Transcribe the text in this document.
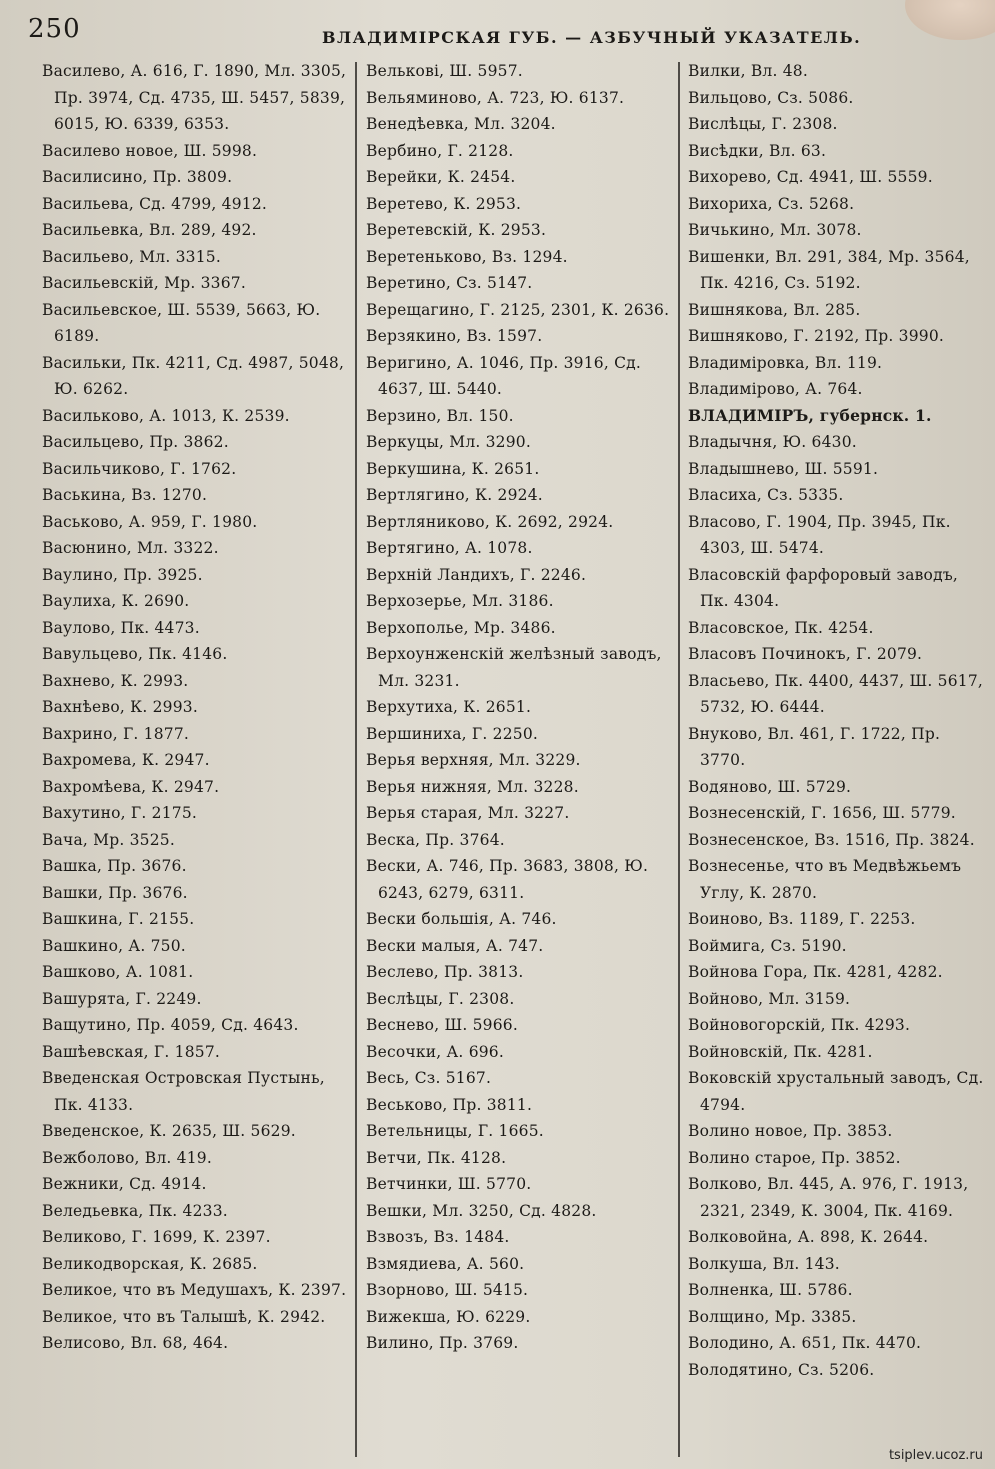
250	ВЛАДИМІРСКАЯ ГУБ. — АЗБУЧНЫЙ УКАЗАТЕЛЬ.
Василево, А. 616, Г. 1890, Мл. 3305, Пр. 3974, Сд. 4735, Ш. 5457, 5839, 6015, Ю. 6339, 6353.
Василево новое, Ш. 5998.
Василисино, Пр. 3809.
Васильева, Сд. 4799, 4912.
Васильевка, Вл. 289, 492.
Васильево, Мл. 3315.
Васильевскій, Мр. 3367.
Васильевское, Ш. 5539, 5663, Ю. 6189.
Васильки, Пк. 4211, Сд. 4987, 5048, Ю. 6262.
Васильково, А. 1013, К. 2539.
Васильцево, Пр. 3862.
Васильчиково, Г. 1762.
Васькина, Вз. 1270.
Васьково, А. 959, Г. 1980.
Васюнино, Мл. 3322.
Ваулино, Пр. 3925.
Ваулиха, К. 2690.
Ваулово, Пк. 4473.
Вавульцево, Пк. 4146.
Вахнево, К. 2993.
Вахнѣево, К. 2993.
Вахрино, Г. 1877.
Вахромева, К. 2947.
Вахромѣева, К. 2947.
Вахутино, Г. 2175.
Вача, Мр. 3525.
Вашка, Пр. 3676.
Вашки, Пр. 3676.
Вашкина, Г. 2155.
Вашкино, А. 750.
Вашково, А. 1081.
Вашурята, Г. 2249.
Ващутино, Пр. 4059, Сд. 4643.
Вашѣевская, Г. 1857.
Введенская Островская Пустынь, Пк. 4133.
Введенское, К. 2635, Ш. 5629.
Вежболово, Вл. 419.
Вежники, Сд. 4914.
Веледьевка, Пк. 4233.
Великово, Г. 1699, К. 2397.
Великодворская, К. 2685.
Великое, что въ Медушахъ, К. 2397.
Великое, что въ Талышѣ, К. 2942.
Велисово, Вл. 68, 464.
Велькові, Ш. 5957.
Вельяминово, А. 723, Ю. 6137.
Венедѣевка, Мл. 3204.
Вербино, Г. 2128.
Верейки, К. 2454.
Веретево, К. 2953.
Веретевскій, К. 2953.
Веретеньково, Вз. 1294.
Веретино, Сз. 5147.
Верещагино, Г. 2125, 2301, К. 2636.
Верзякино, Вз. 1597.
Веригино, А. 1046, Пр. 3916, Сд. 4637, Ш. 5440.
Верзино, Вл. 150.
Веркуцы, Мл. 3290.
Веркушина, К. 2651.
Вертлягино, К. 2924.
Вертляниково, К. 2692, 2924.
Вертягино, А. 1078.
Верхній Ландихъ, Г. 2246.
Верхозерье, Мл. 3186.
Верхополье, Мр. 3486.
Верхоунженскій желѣзный заводъ, Мл. 3231.
Верхутиха, К. 2651.
Вершиниха, Г. 2250.
Верья верхняя, Мл. 3229.
Верья нижняя, Мл. 3228.
Верья старая, Мл. 3227.
Веска, Пр. 3764.
Вески, А. 746, Пр. 3683, 3808, Ю. 6243, 6279, 6311.
Вески большія, А. 746.
Вески малыя, А. 747.
Веслево, Пр. 3813.
Веслѣцы, Г. 2308.
Веснево, Ш. 5966.
Весочки, А. 696.
Весь, Сз. 5167.
Веськово, Пр. 3811.
Ветельницы, Г. 1665.
Ветчи, Пк. 4128.
Ветчинки, Ш. 5770.
Вешки, Мл. 3250, Сд. 4828.
Взвозъ, Вз. 1484.
Взмядиева, А. 560.
Взорново, Ш. 5415.
Вижекша, Ю. 6229.
Вилино, Пр. 3769.
Вилки, Вл. 48.
Вильцово, Сз. 5086.
Вислѣцы, Г. 2308.
Висѣдки, Вл. 63.
Вихорево, Сд. 4941, Ш. 5559.
Вихориха, Сз. 5268.
Вичькино, Мл. 3078.
Вишенки, Вл. 291, 384, Мр. 3564, Пк. 4216, Сз. 5192.
Вишнякова, Вл. 285.
Вишняково, Г. 2192, Пр. 3990.
Владиміровка, Вл. 119.
Владимірово, А. 764.
ВЛАДИМІРЪ, губернск. 1.
Владычня, Ю. 6430.
Владышнево, Ш. 5591.
Власиха, Сз. 5335.
Власово, Г. 1904, Пр. 3945, Пк. 4303, Ш. 5474.
Власовскій фарфоровый заводъ, Пк. 4304.
Власовское, Пк. 4254.
Власовъ Починокъ, Г. 2079.
Власьево, Пк. 4400, 4437, Ш. 5617, 5732, Ю. 6444.
Внуково, Вл. 461, Г. 1722, Пр. 3770.
Водяново, Ш. 5729.
Вознесенскій, Г. 1656, Ш. 5779.
Вознесенское, Вз. 1516, Пр. 3824.
Вознесенье, что въ Медвѣжьемъ Углу, К. 2870.
Воиново, Вз. 1189, Г. 2253.
Воймига, Сз. 5190.
Войнова Гора, Пк. 4281, 4282.
Войново, Мл. 3159.
Войновогорскій, Пк. 4293.
Войновскій, Пк. 4281.
Воковскій хрустальный заводъ, Сд. 4794.
Волино новое, Пр. 3853.
Волино старое, Пр. 3852.
Волково, Вл. 445, А. 976, Г. 1913, 2321, 2349, К. 3004, Пк. 4169.
Волковойна, А. 898, К. 2644.
Волкуша, Вл. 143.
Волненка, Ш. 5786.
Волщино, Мр. 3385.
Володино, А. 651, Пк. 4470.
Володятино, Сз. 5206.
tsiplev.ucoz.ru
